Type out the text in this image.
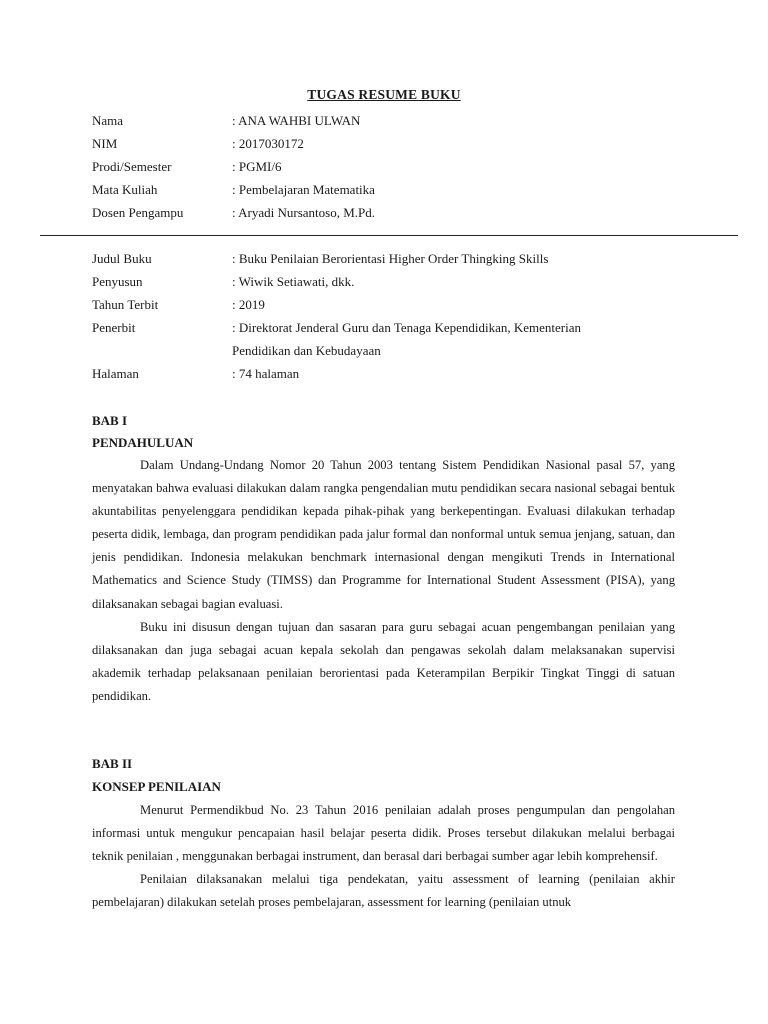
TUGAS RESUME BUKU
Nama	: ANA WAHBI ULWAN
NIM	: 2017030172
Prodi/Semester	: PGMI/6
Mata Kuliah	: Pembelajaran Matematika
Dosen Pengampu	: Aryadi Nursantoso, M.Pd.
Judul Buku	: Buku Penilaian Berorientasi Higher Order Thingking Skills
Penyusun	: Wiwik Setiawati, dkk.
Tahun Terbit	: 2019
Penerbit	: Direktorat Jenderal Guru dan Tenaga Kependidikan, Kementerian
Pendidikan dan Kebudayaan
Halaman	: 74 halaman
BAB I
PENDAHULUAN

Dalam Undang-Undang Nomor 20 Tahun 2003 tentang Sistem Pendidikan Nasional pasal 57, yang menyatakan bahwa evaluasi dilakukan dalam rangka pengendalian mutu pendidikan secara nasional sebagai bentuk akuntabilitas penyelenggara pendidikan kepada pihak-pihak yang berkepentingan. Evaluasi dilakukan terhadap peserta didik, lembaga, dan program pendidikan pada jalur formal dan nonformal untuk semua jenjang, satuan, dan jenis pendidikan. Indonesia melakukan benchmark internasional dengan mengikuti Trends in International Mathematics and Science Study (TIMSS) dan Programme for International Student Assessment (PISA), yang dilaksanakan sebagai bagian evaluasi.

Buku ini disusun dengan tujuan dan sasaran para guru sebagai acuan pengembangan penilaian yang dilaksanakan dan juga sebagai acuan kepala sekolah dan pengawas sekolah dalam melaksanakan supervisi akademik terhadap pelaksanaan penilaian berorientasi pada Keterampilan Berpikir Tingkat Tinggi di satuan pendidikan.

BAB II
KONSEP PENILAIAN

Menurut Permendikbud No. 23 Tahun 2016 penilaian adalah proses pengumpulan dan pengolahan informasi untuk mengukur pencapaian hasil belajar peserta didik. Proses tersebut dilakukan melalui berbagai teknik penilaian , menggunakan berbagai instrument, dan berasal dari berbagai sumber agar lebih komprehensif.

Penilaian dilaksanakan melalui tiga pendekatan, yaitu assessment of learning (penilaian akhir pembelajaran) dilakukan setelah proses pembelajaran, assessment for learning (penilaian utnuk
